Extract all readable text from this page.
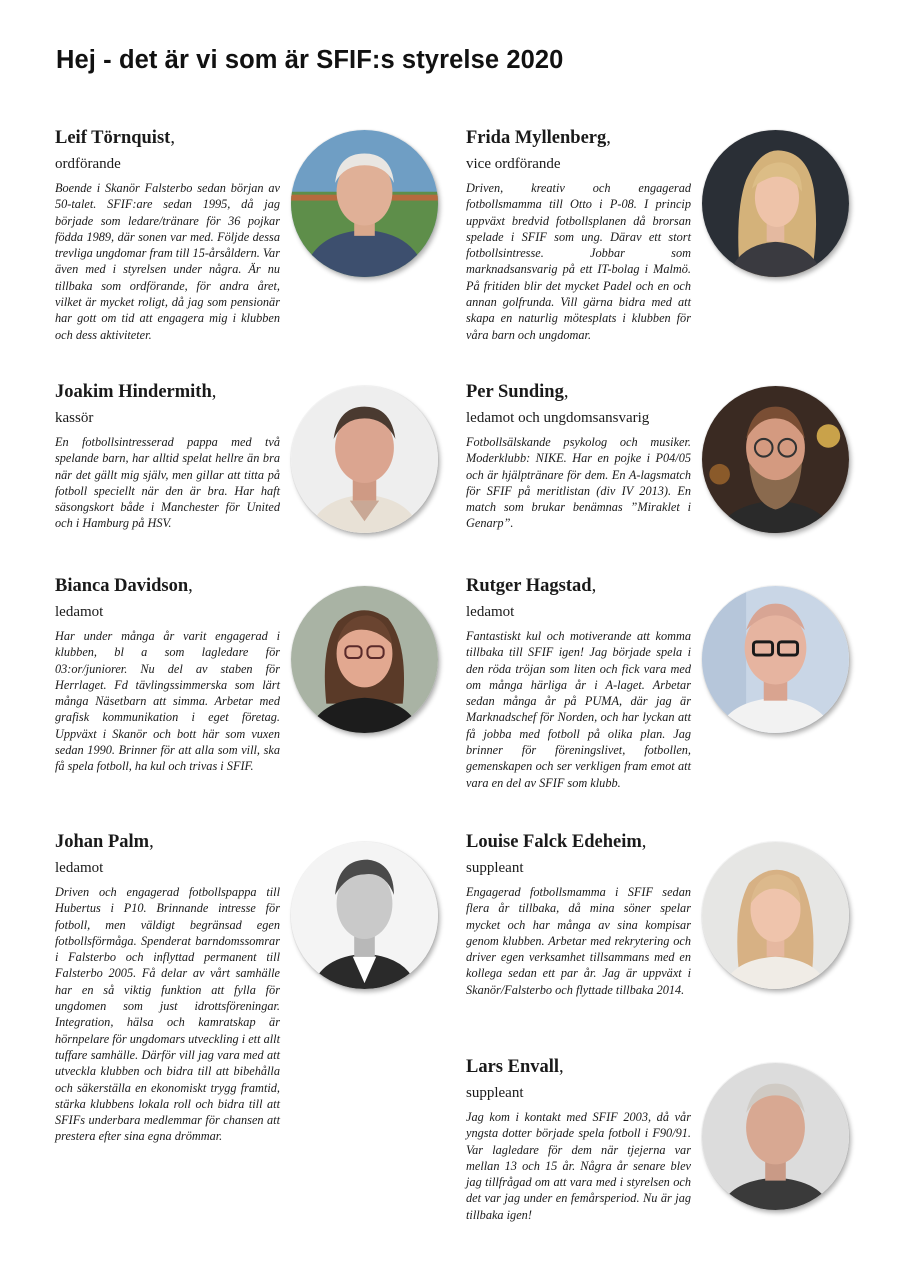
Hej - det är vi som är SFIF:s styrelse 2020

Leif Törnquist,

ordförande

Boende i Skanör Falsterbo sedan början av 50-talet. SFIF:are sedan 1995, då jag började som ledare/tränare för 36 pojkar födda 1989, där sonen var med. Följde dessa trevliga ungdomar fram till 15-årsåldern. Var även med i styrelsen under några. Är nu tillbaka som ordförande, för andra året, vilket är mycket roligt, då jag som pensionär har gott om tid att engagera mig i klubben och dess aktiviteter.

Frida Myllenberg,

vice ordförande

Driven, kreativ och engagerad fotbollsmamma till Otto i P-08. I princip uppväxt bredvid fotbollsplanen då brorsan spelade i SFIF som ung. Därav ett stort fotbollsintresse. Jobbar som marknadsansvarig på ett IT-bolag i Malmö. På fritiden blir det mycket Padel och en och annan golfrunda. Vill gärna bidra med att skapa en naturlig mötesplats i klubben för våra barn och ungdomar.

Joakim Hindermith,

kassör

En fotbollsintresserad pappa med två spelande barn, har alltid spelat hellre än bra när det gällt mig själv, men gillar att titta på fotboll speciellt när den är bra. Har haft säsongskort både i Manchester för United och i Hamburg på HSV.

Per Sunding,

ledamot och ungdomsansvarig

Fotbollsälskande psykolog och musiker. Moderklubb: NIKE. Har en pojke i P04/05 och är hjälptränare för dem. En A-lagsmatch för SFIF på meritlistan (div IV 2013). En match som brukar benämnas ”Miraklet i Genarp”.

Bianca Davidson,

ledamot

Har under många år varit engagerad i klubben, bl a som lagledare för 03:or/juniorer. Nu del av staben för Herrlaget. Fd tävlingssimmerska som lärt många Näsetbarn att simma. Arbetar med grafisk kommunikation i eget företag. Uppväxt i Skanör och bott här som vuxen sedan 1990. Brinner för att alla som vill, ska få spela fotboll, ha kul och trivas i SFIF.

Rutger Hagstad,

ledamot

Fantastiskt kul och motiverande att komma tillbaka till SFIF igen! Jag började spela i den röda tröjan som liten och fick vara med om många härliga år i A-laget. Arbetar sedan många år på PUMA, där jag är Marknadschef för Norden, och har lyckan att få jobba med fotboll på olika plan. Jag brinner för föreningslivet, fotbollen, gemenskapen och ser verkligen fram emot att vara en del av SFIF som klubb.

Johan Palm,

ledamot

Driven och engagerad fotbollspappa till Hubertus i P10. Brinnande intresse för fotboll, men väldigt begränsad egen fotbollsförmåga. Spenderat barndomssomrar i Falsterbo och inflyttad permanent till Falsterbo 2005. Få delar av vårt samhälle har en så viktig funktion att fylla för ungdomen som just idrottsföreningar. Integration, hälsa och kamratskap är hörnpelare för ungdomars utveckling i ett allt tuffare samhälle. Därför vill jag vara med att utveckla klubben och bidra till att bibehålla och säkerställa en ekonomiskt trygg framtid, stärka klubbens lokala roll och bidra till att SFIFs underbara medlemmar för chansen att prestera efter sina egna drömmar.

Louise Falck Edeheim,

suppleant

Engagerad fotbollsmamma i SFIF sedan flera år tillbaka, då mina söner spelar mycket och har många av sina kompisar genom klubben. Arbetar med rekrytering och driver egen verksamhet tillsammans med en kollega sedan ett par år. Jag är uppväxt i Skanör/Falsterbo och flyttade tillbaka 2014.

Lars Envall,

suppleant

Jag kom i kontakt med SFIF 2003, då vår yngsta dotter började spela fotboll i F90/91. Var lagledare för dem när tjejerna var mellan 13 och 15 år. Några år senare blev jag tillfrågad om att vara med i styrelsen och det var jag under en femårsperiod. Nu är jag tillbaka igen!
